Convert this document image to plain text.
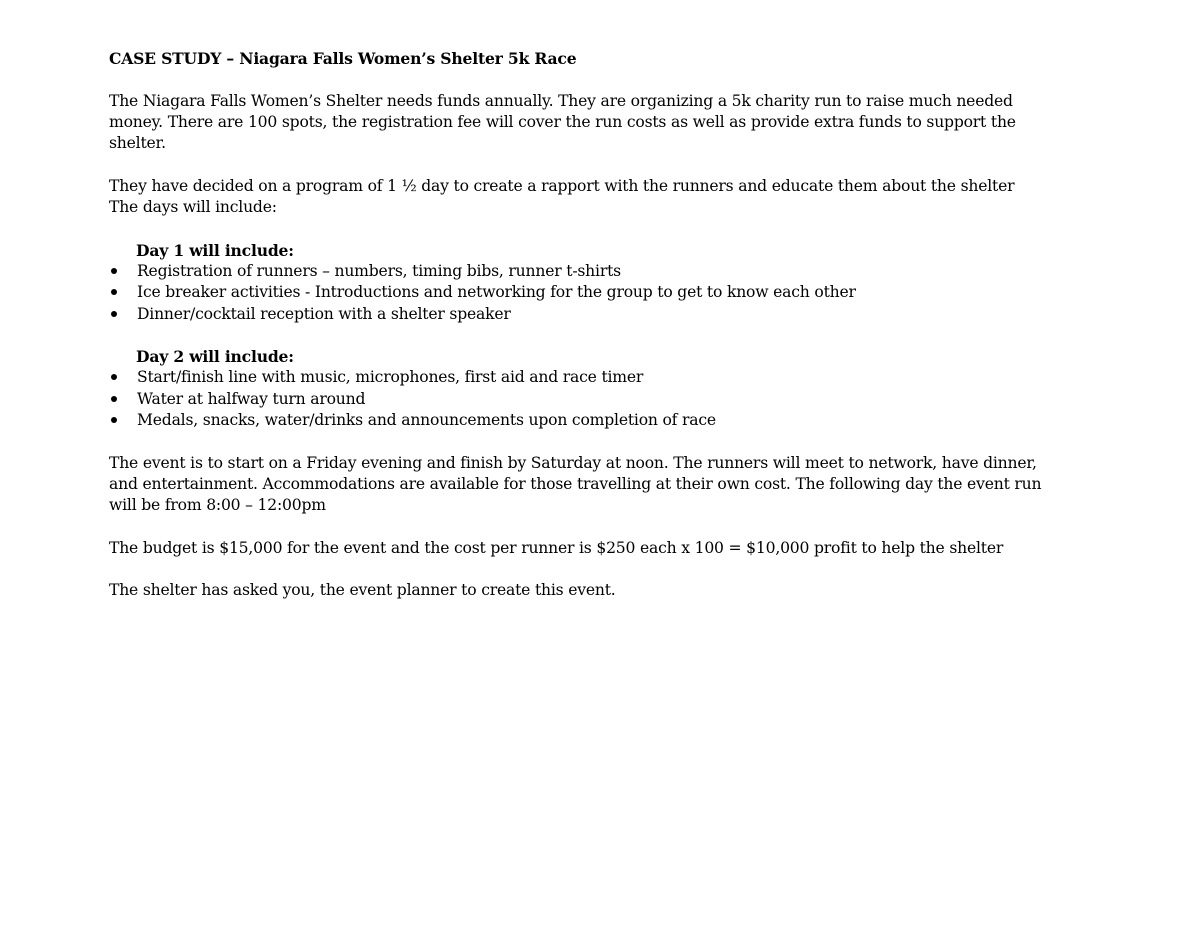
CASE STUDY – Niagara Falls Women’s Shelter 5k Race

The Niagara Falls Women’s Shelter needs funds annually. They are organizing a 5k charity run to raise much needed
money. There are 100 spots, the registration fee will cover the run costs as well as provide extra funds to support the
shelter.

They have decided on a program of 1 ½ day to create a rapport with the runners and educate them about the shelter
The days will include:

Day 1 will include:

Registration of runners – numbers, timing bibs, runner t-shirts
Ice breaker activities - Introductions and networking for the group to get to know each other
Dinner/cocktail reception with a shelter speaker

Day 2 will include:

Start/finish line with music, microphones, first aid and race timer
Water at halfway turn around
Medals, snacks, water/drinks and announcements upon completion of race

The event is to start on a Friday evening and finish by Saturday at noon. The runners will meet to network, have dinner,
and entertainment. Accommodations are available for those travelling at their own cost. The following day the event run
will be from 8:00 – 12:00pm

The budget is $15,000 for the event and the cost per runner is $250 each x 100 = $10,000 profit to help the shelter

The shelter has asked you, the event planner to create this event.
